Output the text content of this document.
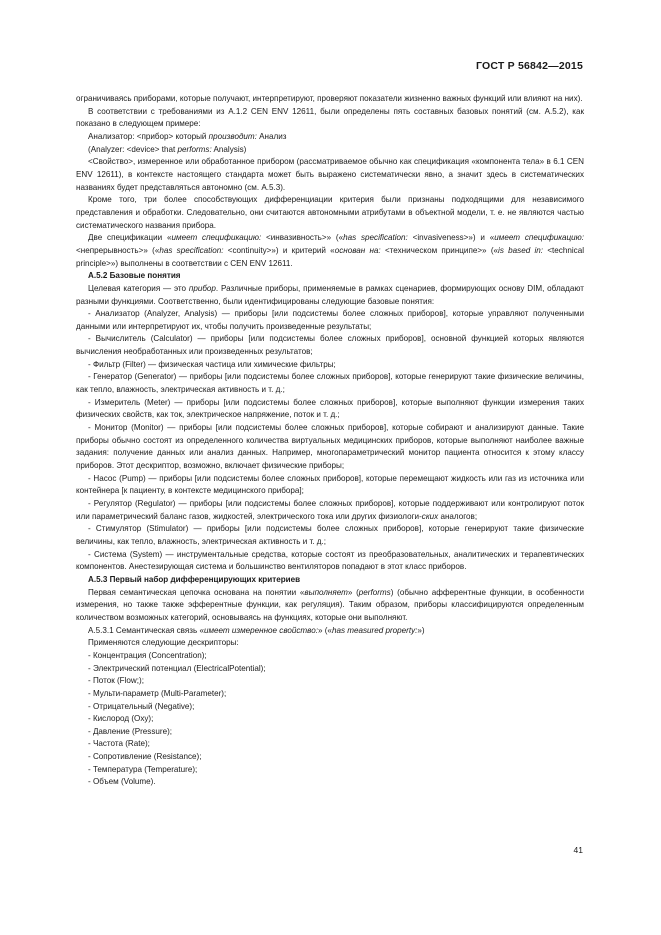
ГОСТ Р 56842—2015

ограничиваясь приборами, которые получают, интерпретируют, проверяют показатели жизненно важных функций или влияют на них).

В соответствии с требованиями из А.1.2 CEN ENV 12611, были определены пять составных базовых понятий (см. А.5.2), как показано в следующем примере:

Анализатор: <прибор> который производит: Анализ

(Analyzer: <device> that performs: Analysis)

<Свойство>, измеренное или обработанное прибором (рассматриваемое обычно как спецификация «компонента тела» в 6.1 CEN ENV 12611), в контексте настоящего стандарта может быть выражено систематически явно, а значит здесь в систематических названиях будет представляться автономно (см. А.5.3).

Кроме того, три более способствующих дифференциации критерия были признаны подходящими для независимого представления и обработки. Следовательно, они считаются автономными атрибутами в объектной модели, т. е. не являются частью систематического названия прибора.

Две спецификации «имеет спецификацию: <инвазивность>» («has specification: <invasiveness>») и «имеет спецификацию: <непрерывность>» («has specification: <continuity>») и критерий «основан на: <техническом принципе>» («is based in: <technical principle>») выполнены в соответствии с CEN ENV 12611.

А.5.2 Базовые понятия

Целевая категория — это прибор. Различные приборы, применяемые в рамках сценариев, формирующих основу DIM, обладают разными функциями. Соответственно, были идентифицированы следующие базовые понятия:

- Анализатор (Analyzer, Analysis) — приборы [или подсистемы более сложных приборов], которые управляют полученными данными или интерпретируют их, чтобы получить произведенные результаты;

- Вычислитель (Calculator) — приборы [или подсистемы более сложных приборов], основной функцией которых являются вычисления необработанных или произведенных результатов;

- Фильтр (Filter) — физическая частица или химические фильтры;

- Генератор (Generator) — приборы [или подсистемы более сложных приборов], которые генерируют такие физические величины, как тепло, влажность, электрическая активность и т. д.;

- Измеритель (Meter) — приборы [или подсистемы более сложных приборов], которые выполняют функции измерения таких физических свойств, как ток, электрическое напряжение, поток и т. д.;

- Монитор (Monitor) — приборы [или подсистемы более сложных приборов], которые собирают и анализируют данные. Такие приборы обычно состоят из определенного количества виртуальных медицинских приборов, которые выполняют наиболее важные задания: получение данных или анализ данных. Например, многопараметрический монитор пациента относится к этому классу приборов. Этот дескриптор, возможно, включает физические приборы;

- Насос (Pump) — приборы [или подсистемы более сложных приборов], которые перемещают жидкость или газ из источника или контейнера [к пациенту, в контексте медицинского прибора];

- Регулятор (Regulator) — приборы [или подсистемы более сложных приборов], которые поддерживают или контролируют поток или параметрический баланс газов, жидкостей, электрического тока или других физиологи-ских аналогов;

- Стимулятор (Stimulator) — приборы [или подсистемы более сложных приборов], которые генерируют такие физические величины, как тепло, влажность, электрическая активность и т. д.;

- Система (System) — инструментальные средства, которые состоят из преобразовательных, аналитических и терапевтических компонентов. Анестезирующая система и большинство вентиляторов попадают в этот класс приборов.

А.5.3 Первый набор дифференцирующих критериев

Первая семантическая цепочка основана на понятии «выполняет» (performs) (обычно афферентные функции, в особенности измерения, но также также эфферентные функции, как регуляция). Таким образом, приборы классифицируются определенным количеством возможных категорий, основываясь на функциях, которые они выполняют.

А.5.3.1 Семантическая связь «имеет измеренное свойство:» («has measured property:»)

Применяются следующие дескрипторы:

- Концентрация (Concentration);

- Электрический потенциал (ElectricalPotential);

- Поток (Flow;);

- Мульти-параметр (Multi-Parameter);

- Отрицательный (Negative);

- Кислород (Oxy);

- Давление (Pressure);

- Частота (Rate);

- Сопротивление (Resistance);

- Температура (Temperature);

- Объем (Volume).

41
